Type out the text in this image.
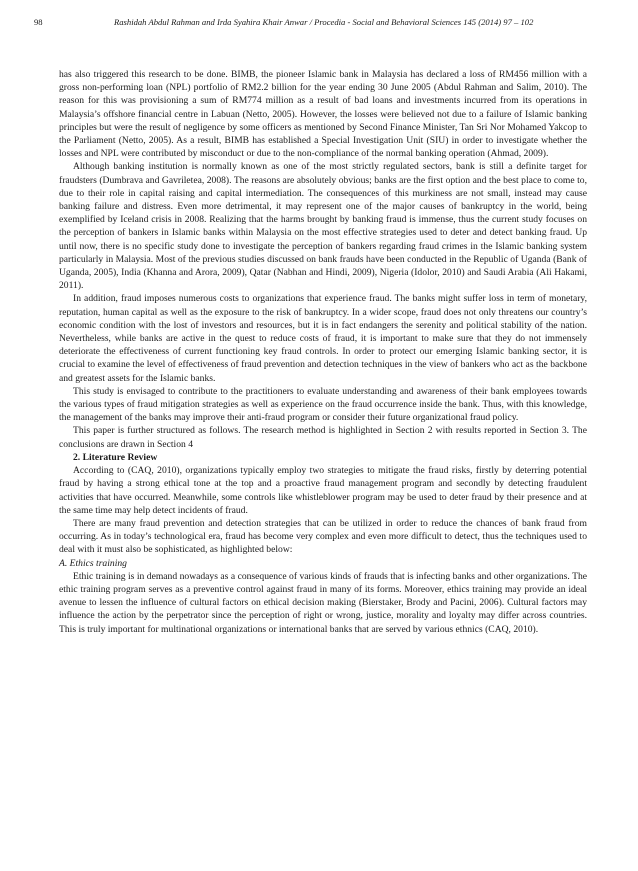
98	Rashidah Abdul Rahman and Irda Syahira Khair Anwar / Procedia - Social and Behavioral Sciences 145 (2014) 97 – 102

has also triggered this research to be done. BIMB, the pioneer Islamic bank in Malaysia has declared a loss of RM456 million with a gross non-performing loan (NPL) portfolio of RM2.2 billion for the year ending 30 June 2005 (Abdul Rahman and Salim, 2010). The reason for this was provisioning a sum of RM774 million as a result of bad loans and investments incurred from its operations in Malaysia’s offshore financial centre in Labuan (Netto, 2005). However, the losses were believed not due to a failure of Islamic banking principles but were the result of negligence by some officers as mentioned by Second Finance Minister, Tan Sri Nor Mohamed Yakcop to the Parliament (Netto, 2005). As a result, BIMB has established a Special Investigation Unit (SIU) in order to investigate whether the losses and NPL were contributed by misconduct or due to the non-compliance of the normal banking operation (Ahmad, 2009).

Although banking institution is normally known as one of the most strictly regulated sectors, bank is still a definite target for fraudsters (Dumbrava and Gavriletea, 2008). The reasons are absolutely obvious; banks are the first option and the best place to come to, due to their role in capital raising and capital intermediation. The consequences of this murkiness are not small, instead may cause banking failure and distress. Even more detrimental, it may represent one of the major causes of bankruptcy in the world, being exemplified by Iceland crisis in 2008. Realizing that the harms brought by banking fraud is immense, thus the current study focuses on the perception of bankers in Islamic banks within Malaysia on the most effective strategies used to deter and detect banking fraud. Up until now, there is no specific study done to investigate the perception of bankers regarding fraud crimes in the Islamic banking system particularly in Malaysia. Most of the previous studies discussed on bank frauds have been conducted in the Republic of Uganda (Bank of Uganda, 2005), India (Khanna and Arora, 2009), Qatar (Nabhan and Hindi, 2009), Nigeria (Idolor, 2010) and Saudi Arabia (Ali Hakami, 2011).

In addition, fraud imposes numerous costs to organizations that experience fraud. The banks might suffer loss in term of monetary, reputation, human capital as well as the exposure to the risk of bankruptcy. In a wider scope, fraud does not only threatens our country’s economic condition with the lost of investors and resources, but it is in fact endangers the serenity and political stability of the nation. Nevertheless, while banks are active in the quest to reduce costs of fraud, it is important to make sure that they do not immensely deteriorate the effectiveness of current functioning key fraud controls. In order to protect our emerging Islamic banking sector, it is crucial to examine the level of effectiveness of fraud prevention and detection techniques in the view of bankers who act as the backbone and greatest assets for the Islamic banks.

This study is envisaged to contribute to the practitioners to evaluate understanding and awareness of their bank employees towards the various types of fraud mitigation strategies as well as experience on the fraud occurrence inside the bank. Thus, with this knowledge, the management of the banks may improve their anti-fraud program or consider their future organizational fraud policy.

This paper is further structured as follows. The research method is highlighted in Section 2 with results reported in Section 3. The conclusions are drawn in Section 4

2. Literature Review

According to (CAQ, 2010), organizations typically employ two strategies to mitigate the fraud risks, firstly by deterring potential fraud by having a strong ethical tone at the top and a proactive fraud management program and secondly by detecting fraudulent activities that have occurred. Meanwhile, some controls like whistleblower program may be used to deter fraud by their presence and at the same time may help detect incidents of fraud.

There are many fraud prevention and detection strategies that can be utilized in order to reduce the chances of bank fraud from occurring. As in today’s technological era, fraud has become very complex and even more difficult to detect, thus the techniques used to deal with it must also be sophisticated, as highlighted below:

A. Ethics training

Ethic training is in demand nowadays as a consequence of various kinds of frauds that is infecting banks and other organizations. The ethic training program serves as a preventive control against fraud in many of its forms. Moreover, ethics training may provide an ideal avenue to lessen the influence of cultural factors on ethical decision making (Bierstaker, Brody and Pacini, 2006). Cultural factors may influence the action by the perpetrator since the perception of right or wrong, justice, morality and loyalty may differ across countries. This is truly important for multinational organizations or international banks that are served by various ethnics (CAQ, 2010).
